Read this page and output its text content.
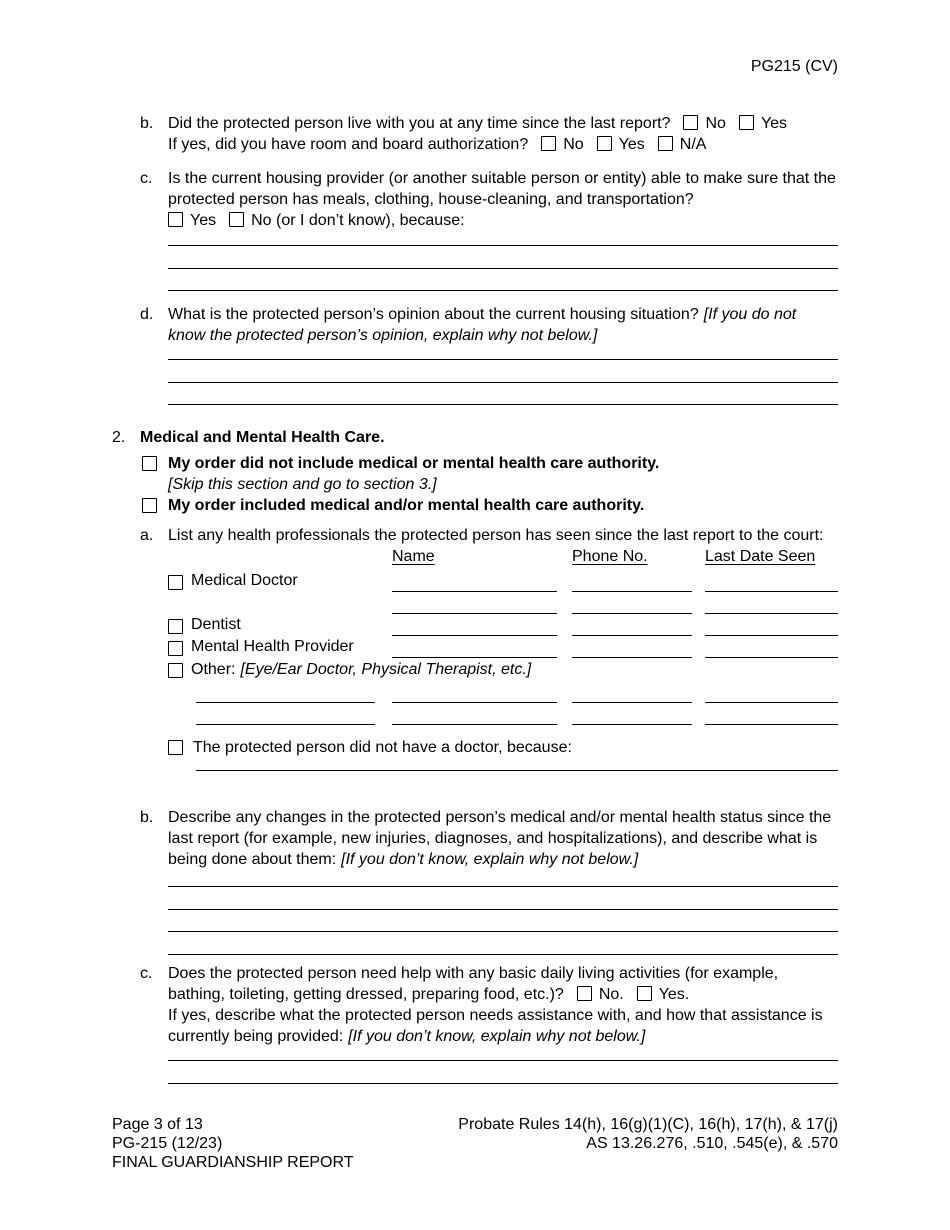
PG215 (CV)
b. Did the protected person live with you at any time since the last report? No Yes
If yes, did you have room and board authorization? No Yes N/A
c. Is the current housing provider (or another suitable person or entity) able to make sure that the protected person has meals, clothing, house-cleaning, and transportation?
Yes No (or I don’t know), because:
d. What is the protected person’s opinion about the current housing situation? [If you do not know the protected person’s opinion, explain why not below.]
2. Medical and Mental Health Care.
My order did not include medical or mental health care authority.
[Skip this section and go to section 3.]
My order included medical and/or mental health care authority.
a. List any health professionals the protected person has seen since the last report to the court:
Name	Phone No.	Last Date Seen
Medical Doctor
Dentist
Mental Health Provider
Other: [Eye/Ear Doctor, Physical Therapist, etc.]
The protected person did not have a doctor, because:
b. Describe any changes in the protected person’s medical and/or mental health status since the last report (for example, new injuries, diagnoses, and hospitalizations), and describe what is being done about them: [If you don’t know, explain why not below.]
c. Does the protected person need help with any basic daily living activities (for example, bathing, toileting, getting dressed, preparing food, etc.)? No. Yes.
If yes, describe what the protected person needs assistance with, and how that assistance is currently being provided: [If you don’t know, explain why not below.]
Page 3 of 13	Probate Rules 14(h), 16(g)(1)(C), 16(h), 17(h), & 17(j)
PG-215 (12/23)	AS 13.26.276, .510, .545(e), & .570
FINAL GUARDIANSHIP REPORT
